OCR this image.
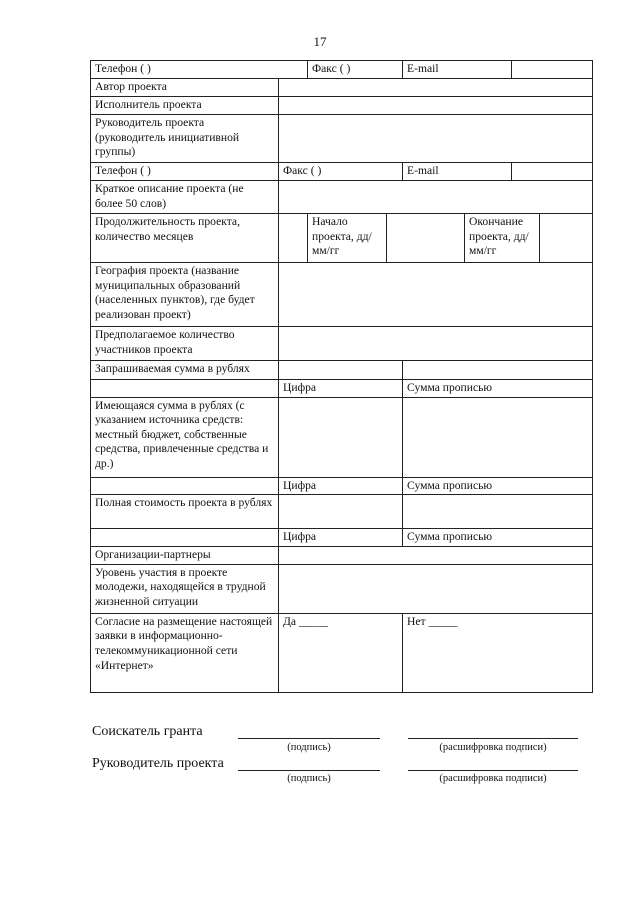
17
Телефон ( )		Факс ( )		E-mail			
Автор проекта							
Исполнитель проекта							
Руководитель проекта (руководитель инициативной группы)							
Телефон ( )	Факс ( )			E-mail			
Краткое описание проекта (не более 50 слов)							
Продолжительность проекта, количество месяцев		Начало проекта, дд/мм/гг			Окончание проекта, дд/мм/гг		
География проекта (название муниципальных образований (населенных пунктов), где будет реализован проект)							
Предполагаемое количество участников проекта							
Запрашиваемая сумма в рублях							
	Цифра			Сумма прописью			
Имеющаяся сумма в рублях (с указанием источника средств: местный бюджет, собственные средства, привлеченные средства и др.)							
	Цифра			Сумма прописью			
Полная стоимость проекта в рублях							
	Цифра			Сумма прописью			
Организации-партнеры							
Уровень участия в проекте молодежи, находящейся в трудной жизненной ситуации							
Согласие на размещение настоящей заявки в информационно-телекоммуникационной сети «Интернет»	Да _____			Нет _____			
Соискатель гранта
(подпись)	(расшифровка подписи)
Руководитель проекта
(подпись)	(расшифровка подписи)
